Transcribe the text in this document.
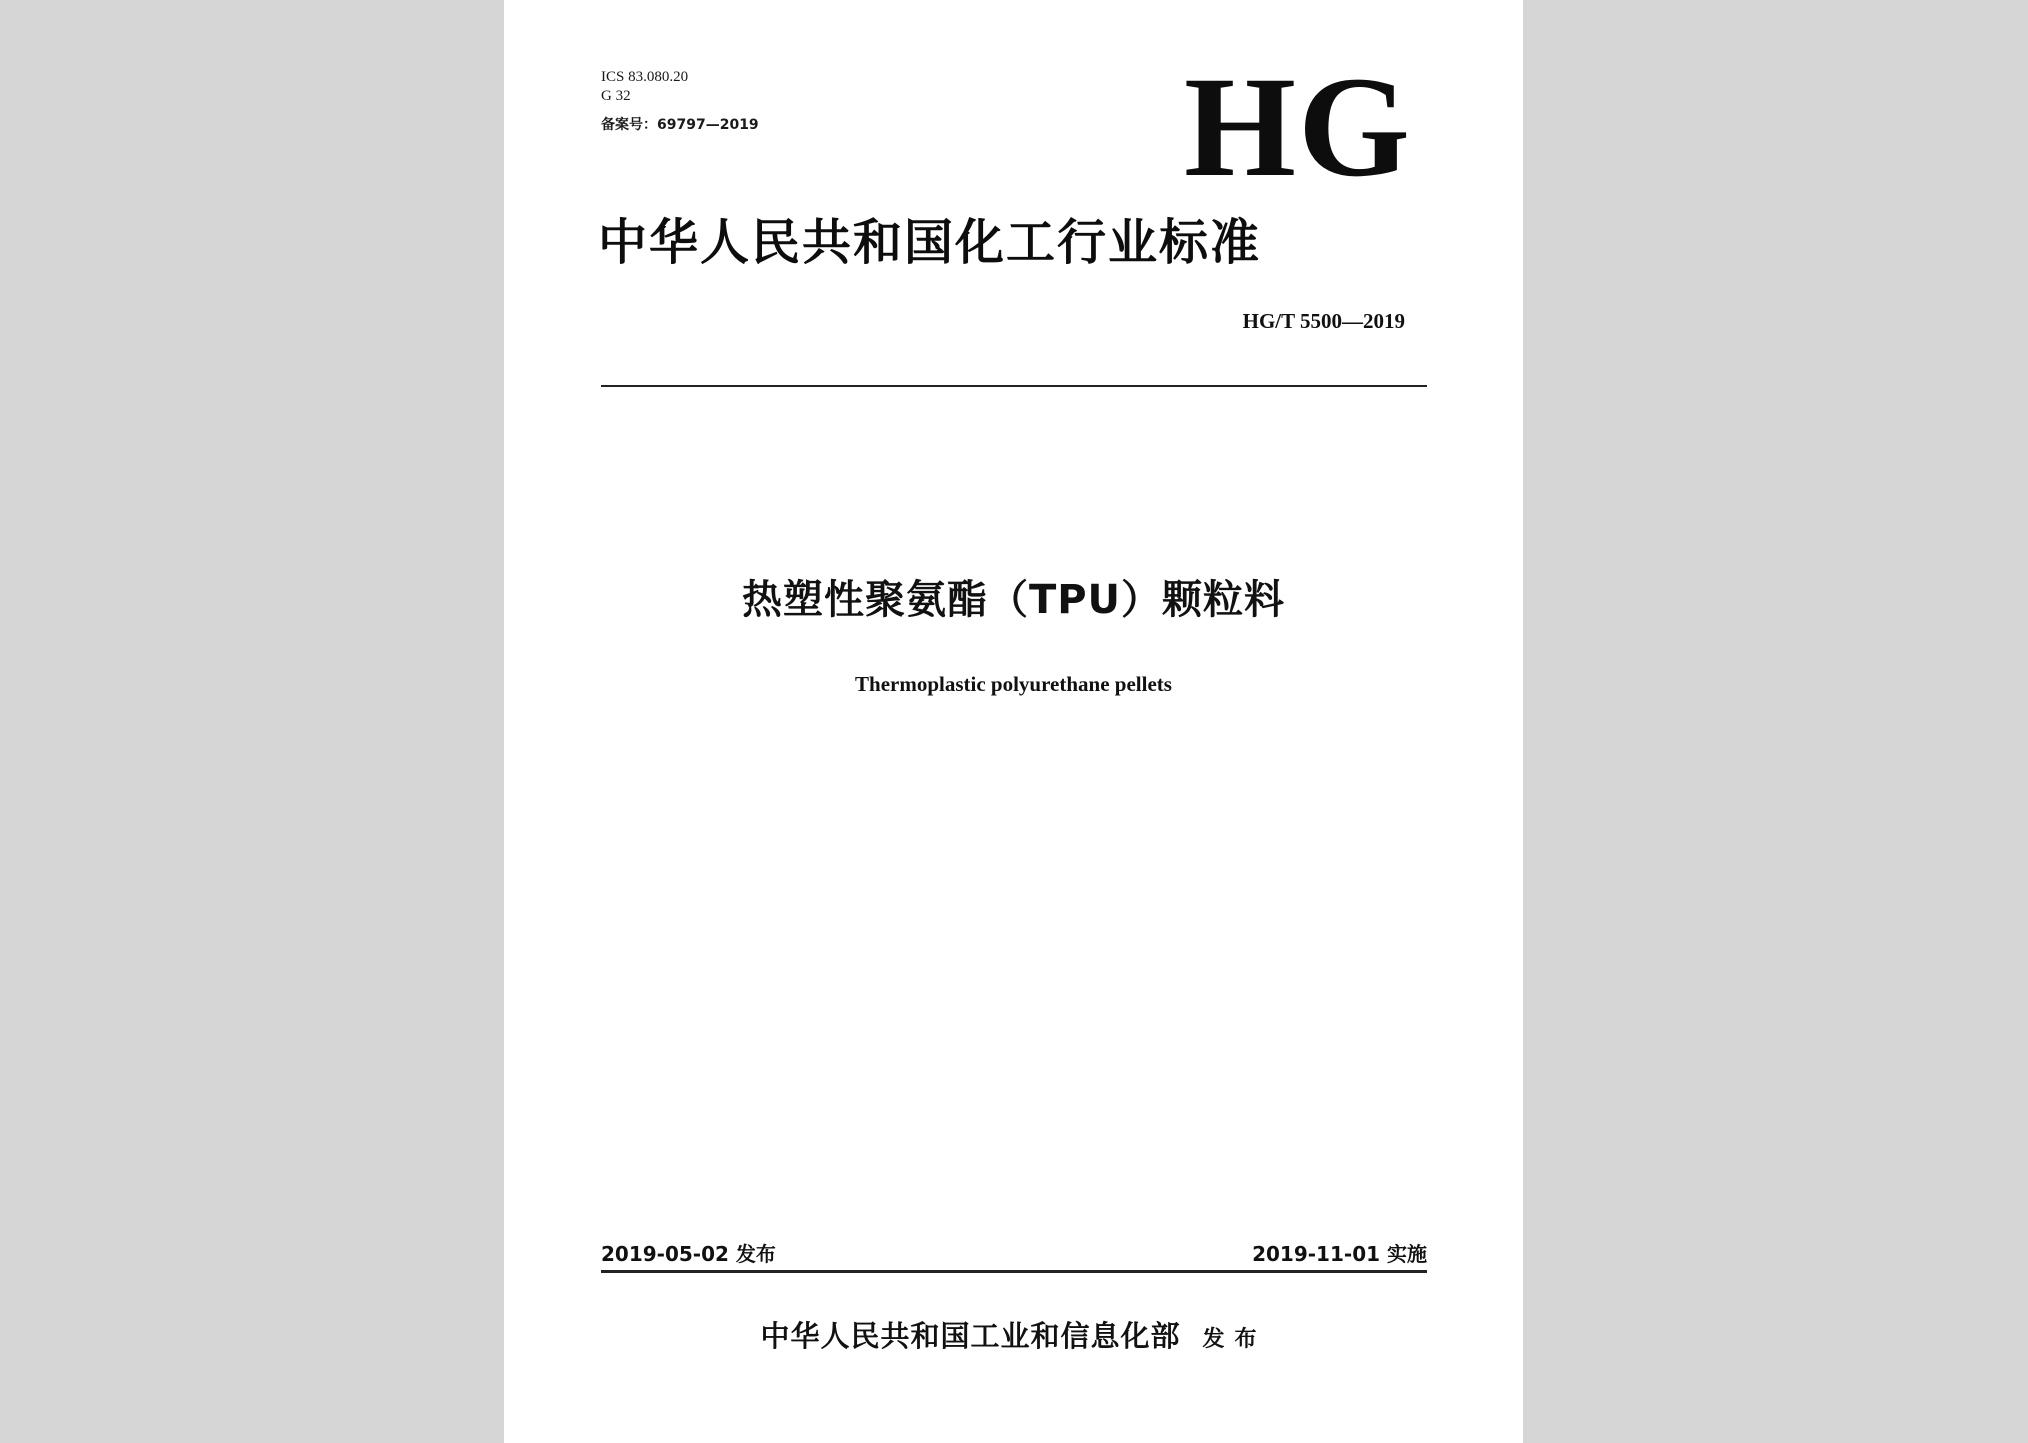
ICS 83.080.20
G 32
备案号：69797—2019	HG
中华人民共和国化工行业标准
HG/T 5500—2019
热塑性聚氨酯（TPU）颗粒料
Thermoplastic polyurethane pellets
2019-05-02 发布	2019-11-01 实施
中华人民共和国工业和信息化部 发布
